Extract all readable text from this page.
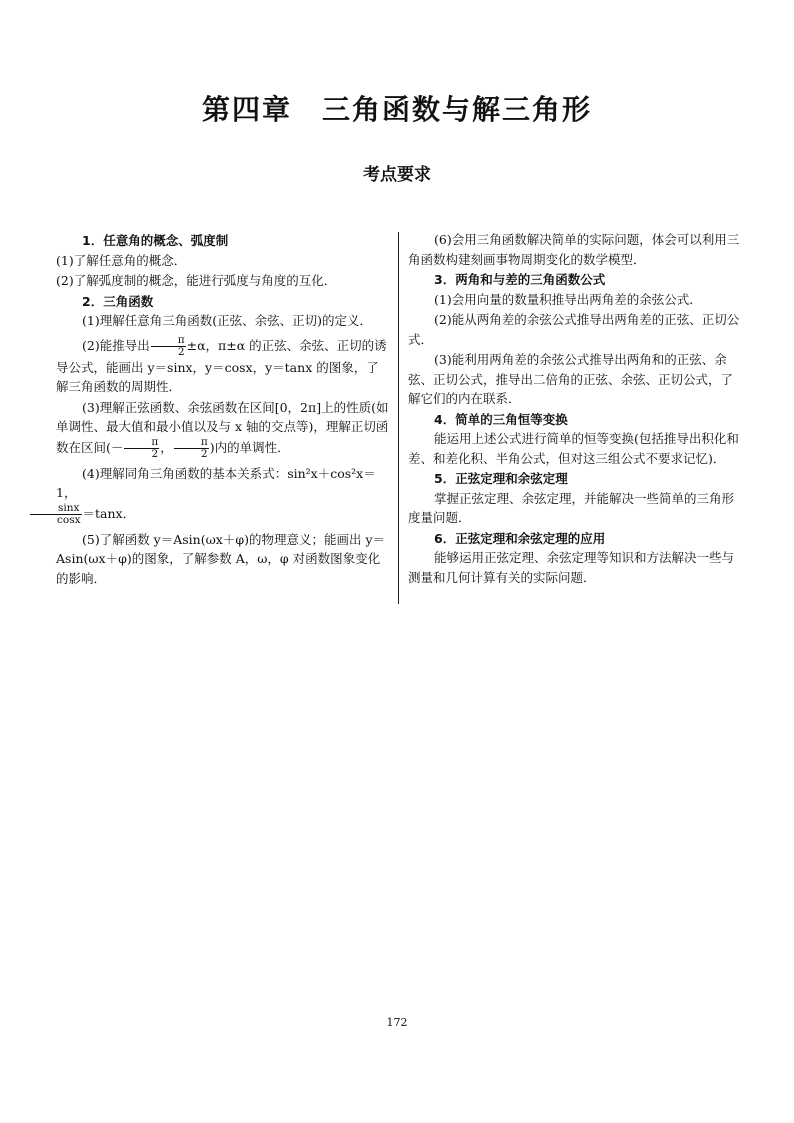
第四章　三角函数与解三角形
考点要求
1．任意角的概念、弧度制
(1)了解任意角的概念．
(2)了解弧度制的概念，能进行弧度与角度的互化．
2．三角函数
(1)理解任意角三角函数(正弦、余弦、正切)的定义．
(2)能推导出 $\frac{\pi}{2} \pm\alpha$，π±α 的正弦、余弦、正切的诱导公式，能画出 y＝sinx，y＝cosx，y＝tanx 的图象，了解三角函数的周期性．
(3)理解正弦函数、余弦函数在区间[0，2π]上的性质(如单调性、最大值和最小值以及与 x 轴的交点等)，理解正切函数在区间(－ $\frac{\pi}{2}$ ， $\frac{\pi}{2}$ )内的单调性．
(4)理解同角三角函数的基本关系式：sin²x＋cos²x＝1，

$\frac{\sin x}{\cos x} =\tan x$．
(5)了解函数 y＝Asin(ωx＋φ)的物理意义；能画出 y＝Asin(ωx＋φ)的图象，了解参数 A，ω，φ 对函数图象变化的影响．
(6)会用三角函数解决简单的实际问题，体会可以利用三角函数构建刻画事物周期变化的数学模型．
3．两角和与差的三角函数公式
(1)会用向量的数量积推导出两角差的余弦公式．
(2)能从两角差的余弦公式推导出两角差的正弦、正切公式．
(3)能利用两角差的余弦公式推导出两角和的正弦、余弦、正切公式，推导出二倍角的正弦、余弦、正切公式，了解它们的内在联系．
4．简单的三角恒等变换
能运用上述公式进行简单的恒等变换(包括推导出积化和差、和差化积、半角公式，但对这三组公式不要求记忆)．
5．正弦定理和余弦定理
掌握正弦定理、余弦定理，并能解决一些简单的三角形度量问题．
6．正弦定理和余弦定理的应用
能够运用正弦定理、余弦定理等知识和方法解决一些与测量和几何计算有关的实际问题．
172
